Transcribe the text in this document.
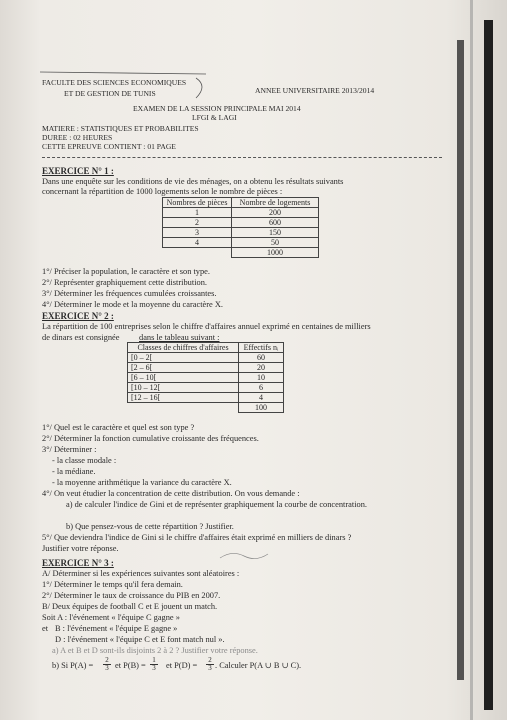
FACULTE DES SCIENCES ECONOMIQUES
ET DE GESTION DE TUNIS	ANNEE UNIVERSITAIRE 2013/2014
EXAMEN DE LA SESSION PRINCIPALE MAI 2014
LFGI & LAGI
MATIERE : STATISTIQUES ET PROBABILITES
DUREE : 02 HEURES
CETTE EPREUVE CONTIENT : 01 PAGE
EXERCICE N° 1 :
Dans une enquête sur les conditions de vie des ménages, on a obtenu les résultats suivants
concernant la répartition de 1000 logements selon le nombre de pièces :
Nombres de pièces	Nombre de logements
1	200
2	600
3	150
4	50
	1000
1°/ Préciser la population, le caractère et son type.
2°/ Représenter graphiquement cette distribution.
3°/ Déterminer les fréquences cumulées croissantes.
4°/ Déterminer le mode et la moyenne du caractère X.
EXERCICE N° 2 :
La répartition de 100 entreprises selon le chiffre d'affaires annuel exprimé en centaines de milliers
de dinars est consignée dans le tableau suivant :
Classes de chiffres d'affaires	Effectifs nᵢ
[0 – 2[	60
[2 – 6[	20
[6 – 10[	10
[10 – 12[	6
[12 – 16[	4
	100
1°/ Quel est le caractère et quel est son type ?
2°/ Déterminer la fonction cumulative croissante des fréquences.
3°/ Déterminer :
- la classe modale :
- la médiane.
- la moyenne arithmétique la variance du caractère X.
4°/ On veut étudier la concentration de cette distribution. On vous demande :
a) de calculer l'indice de Gini et de représenter graphiquement la courbe de concentration.
b) Que pensez-vous de cette répartition ? Justifier.
5°/ Que deviendra l'indice de Gini si le chiffre d'affaires était exprimé en milliers de dinars ?
Justifier votre réponse.
EXERCICE N° 3 :
A/ Déterminer si les expériences suivantes sont aléatoires :
1°/ Déterminer le temps qu'il fera demain.
2°/ Déterminer le taux de croissance du PIB en 2007.
B/ Deux équipes de football C et E jouent un match.
Soit A : l'événement « l'équipe C gagne »
et B : l'événement « l'équipe E gagne »
D : l'événement « l'équipe C et E font match nul ».
a) A et B et D sont-ils disjoints 2 à 2 ? Justifier votre réponse.
b) Si $P(A) = \frac{2}{3}$ et $P(B) = \frac{1}{3}$ et $P(D) = \frac{2}{3}$ . Calculer P(A ∪ B ∪ C).
